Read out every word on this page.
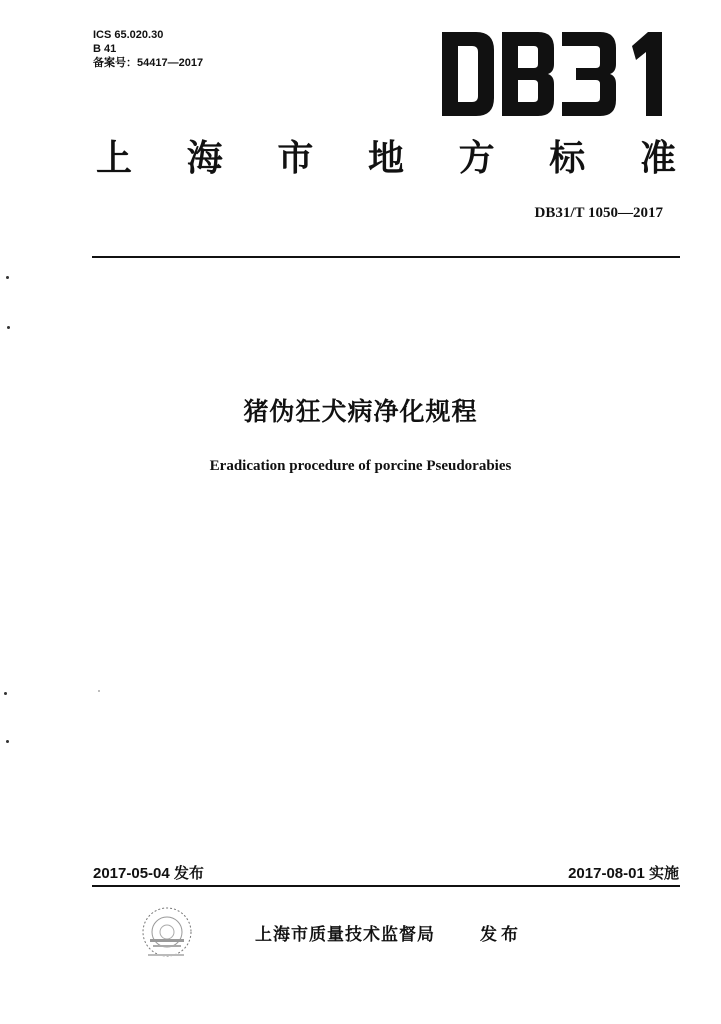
ICS 65.020.30
B 41
备案号：54417—2017
DB31
上 海 市 地 方 标 准
DB31/T 1050—2017
猪伪狂犬病净化规程
Eradication procedure of porcine Pseudorabies
2017-05-04 发布	2017-08-01 实施
上海市质量技术监督局	发布
